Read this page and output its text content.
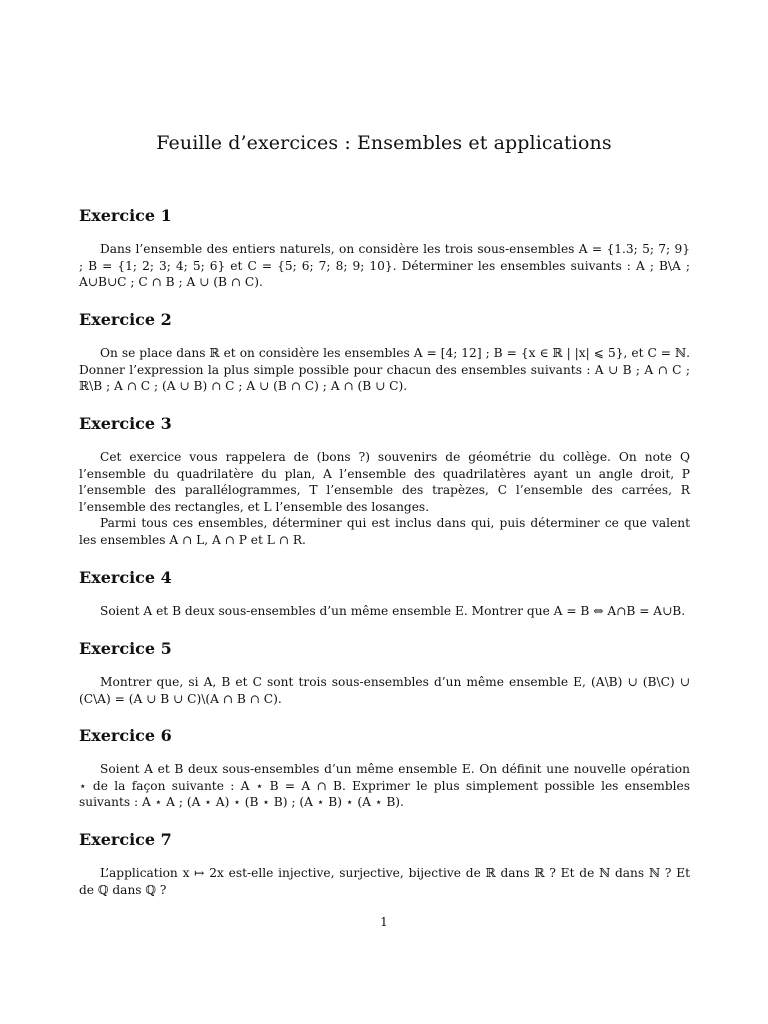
Feuille d’exercices : Ensembles et applications
Exercice 1

Dans l’ensemble des entiers naturels, on considère les trois sous-ensembles A = {1.3; 5; 7; 9} ; B = {1; 2; 3; 4; 5; 6} et C = {5; 6; 7; 8; 9; 10}. Déterminer les ensembles suivants : A ; B\A ; A∪B∪C ; C ∩ B ; A ∪ (B ∩ C).

Exercice 2

On se place dans ℝ et on considère les ensembles A = [4; 12] ; B = {x ∈ ℝ | |x| ⩽ 5}, et C = ℕ. Donner l’expression la plus simple possible pour chacun des ensembles suivants : A ∪ B ; A ∩ C ; ℝ\B ; A ∩ C ; (A ∪ B) ∩ C ; A ∪ (B ∩ C) ; A ∩ (B ∪ C).

Exercice 3

Cet exercice vous rappelera de (bons ?) souvenirs de géométrie du collège. On note Q l’ensemble du quadrilatère du plan, A l’ensemble des quadrilatères ayant un angle droit, P l’ensemble des parallélogrammes, T l’ensemble des trapèzes, C l’ensemble des carrées, R l’ensemble des rectangles, et L l’ensemble des losanges.

Parmi tous ces ensembles, déterminer qui est inclus dans qui, puis déterminer ce que valent les ensembles A ∩ L, A ∩ P et L ∩ R.

Exercice 4

Soient A et B deux sous-ensembles d’un même ensemble E. Montrer que A = B ⇔ A∩B = A∪B.

Exercice 5

Montrer que, si A, B et C sont trois sous-ensembles d’un même ensemble E, (A\B) ∪ (B\C) ∪ (C\A) = (A ∪ B ∪ C)\(A ∩ B ∩ C).

Exercice 6

Soient A et B deux sous-ensembles d’un même ensemble E. On définit une nouvelle opération ⋆ de la façon suivante : A ⋆ B = A ∩ B. Exprimer le plus simplement possible les ensembles suivants : A ⋆ A ; (A ⋆ A) ⋆ (B ⋆ B) ; (A ⋆ B) ⋆ (A ⋆ B).

Exercice 7

L’application x ↦ 2x est-elle injective, surjective, bijective de ℝ dans ℝ ? Et de ℕ dans ℕ ? Et de ℚ dans ℚ ?

1
